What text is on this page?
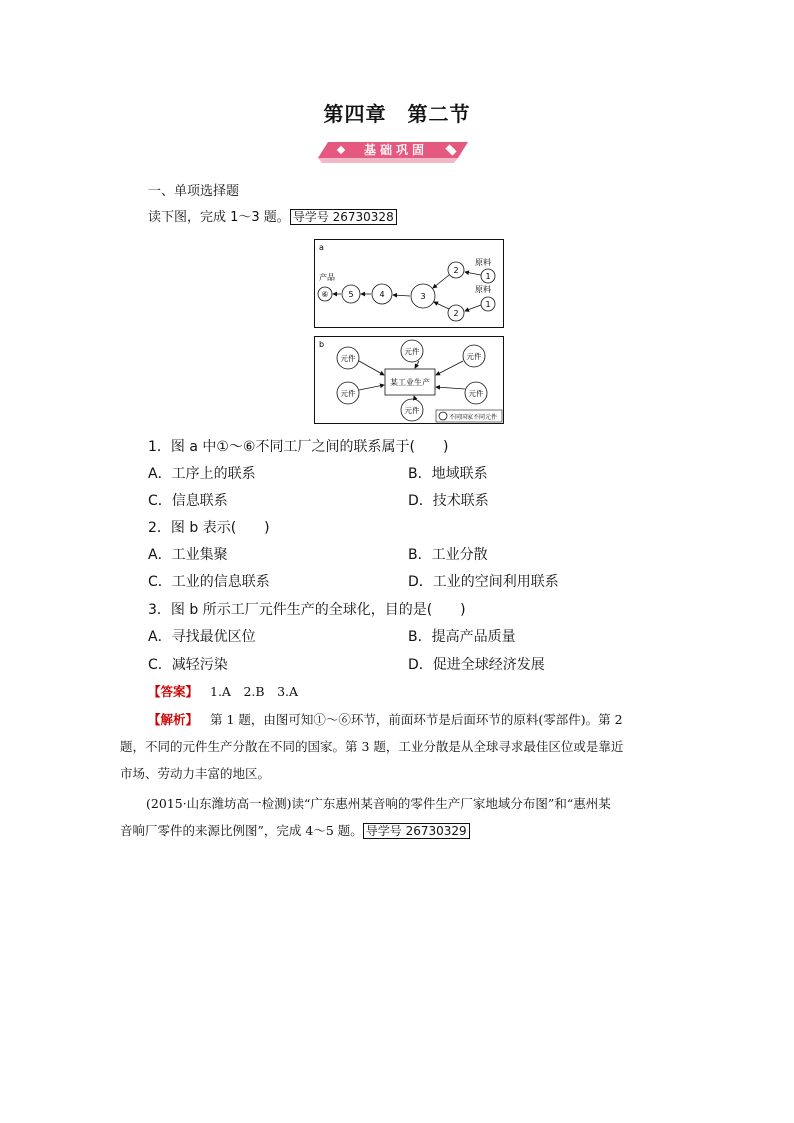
第四章　第二节
基础巩固
一、单项选择题
读下图，完成 1～3 题。 导学号 26730328
a
产品
原料
原料
⑥ 5	4	3
2
1
2
1
b
某工业生产
元件
元件
元件
元件
元件
元件
不同国家不同元件
1．图 a 中①～⑥不同工厂之间的联系属于(　　)
A．工序上的联系	B．地域联系
C．信息联系	D．技术联系
2．图 b 表示(　　)
A．工业集聚	B．工业分散
C．工业的信息联系	D．工业的空间利用联系
3．图 b 所示工厂元件生产的全球化，目的是(　　)
A．寻找最优区位	B．提高产品质量
C．减轻污染	D．促进全球经济发展
【答案】 1.A　2.B　3.A
【解析】 第 1 题，由图可知①～⑥环节，前面环节是后面环节的原料(零部件)。第 2
题，不同的元件生产分散在不同的国家。第 3 题，工业分散是从全球寻求最佳区位或是靠近
市场、劳动力丰富的地区。
(2015·山东潍坊高一检测)读“广东惠州某音响的零件生产厂家地域分布图”和“惠州某
音响厂零件的来源比例图”，完成 4～5 题。 导学号 26730329
